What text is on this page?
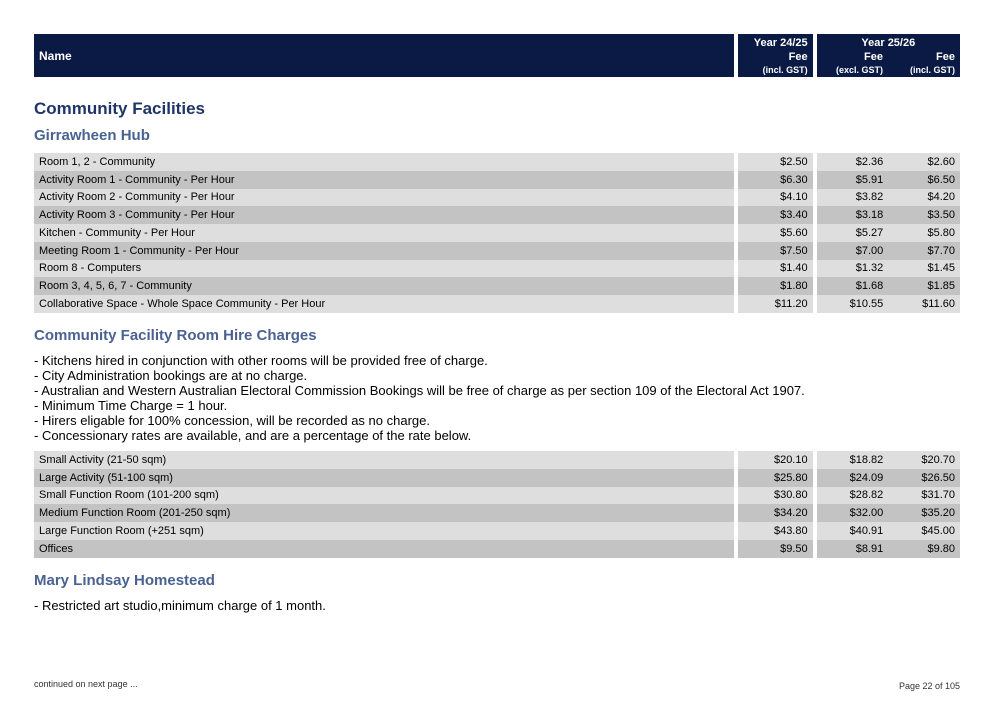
Name
Year 24/25
Fee
(incl. GST)
Year 25/26
Fee	Fee
(excl. GST)	(incl. GST)
Community Facilities
Girrawheen Hub
Room 1, 2 - Community	$2.50	$2.36	$2.60
Activity Room 1 - Community - Per Hour	$6.30	$5.91	$6.50
Activity Room 2 - Community - Per Hour	$4.10	$3.82	$4.20
Activity Room 3 - Community - Per Hour	$3.40	$3.18	$3.50
Kitchen - Community - Per Hour	$5.60	$5.27	$5.80
Meeting Room 1 - Community - Per Hour	$7.50	$7.00	$7.70
Room 8 - Computers	$1.40	$1.32	$1.45
Room 3, 4, 5, 6, 7 - Community	$1.80	$1.68	$1.85
Collaborative Space - Whole Space Community - Per Hour	$11.20	$10.55	$11.60
Community Facility Room Hire Charges
- Kitchens hired in conjunction with other rooms will be provided free of charge.
- City Administration bookings are at no charge.
- Australian and Western Australian Electoral Commission Bookings will be free of charge as per section 109 of the Electoral Act 1907.
- Minimum Time Charge = 1 hour.
- Hirers eligable for 100% concession, will be recorded as no charge.
- Concessionary rates are available, and are a percentage of the rate below.
Small Activity (21-50 sqm)	$20.10	$18.82	$20.70
Large Activity (51-100 sqm)	$25.80	$24.09	$26.50
Small Function Room (101-200 sqm)	$30.80	$28.82	$31.70
Medium Function Room (201-250 sqm)	$34.20	$32.00	$35.20
Large Function Room (+251 sqm)	$43.80	$40.91	$45.00
Offices	$9.50	$8.91	$9.80
Mary Lindsay Homestead
- Restricted art studio,minimum charge of 1 month.
continued on next page ...	Page 22 of 105
